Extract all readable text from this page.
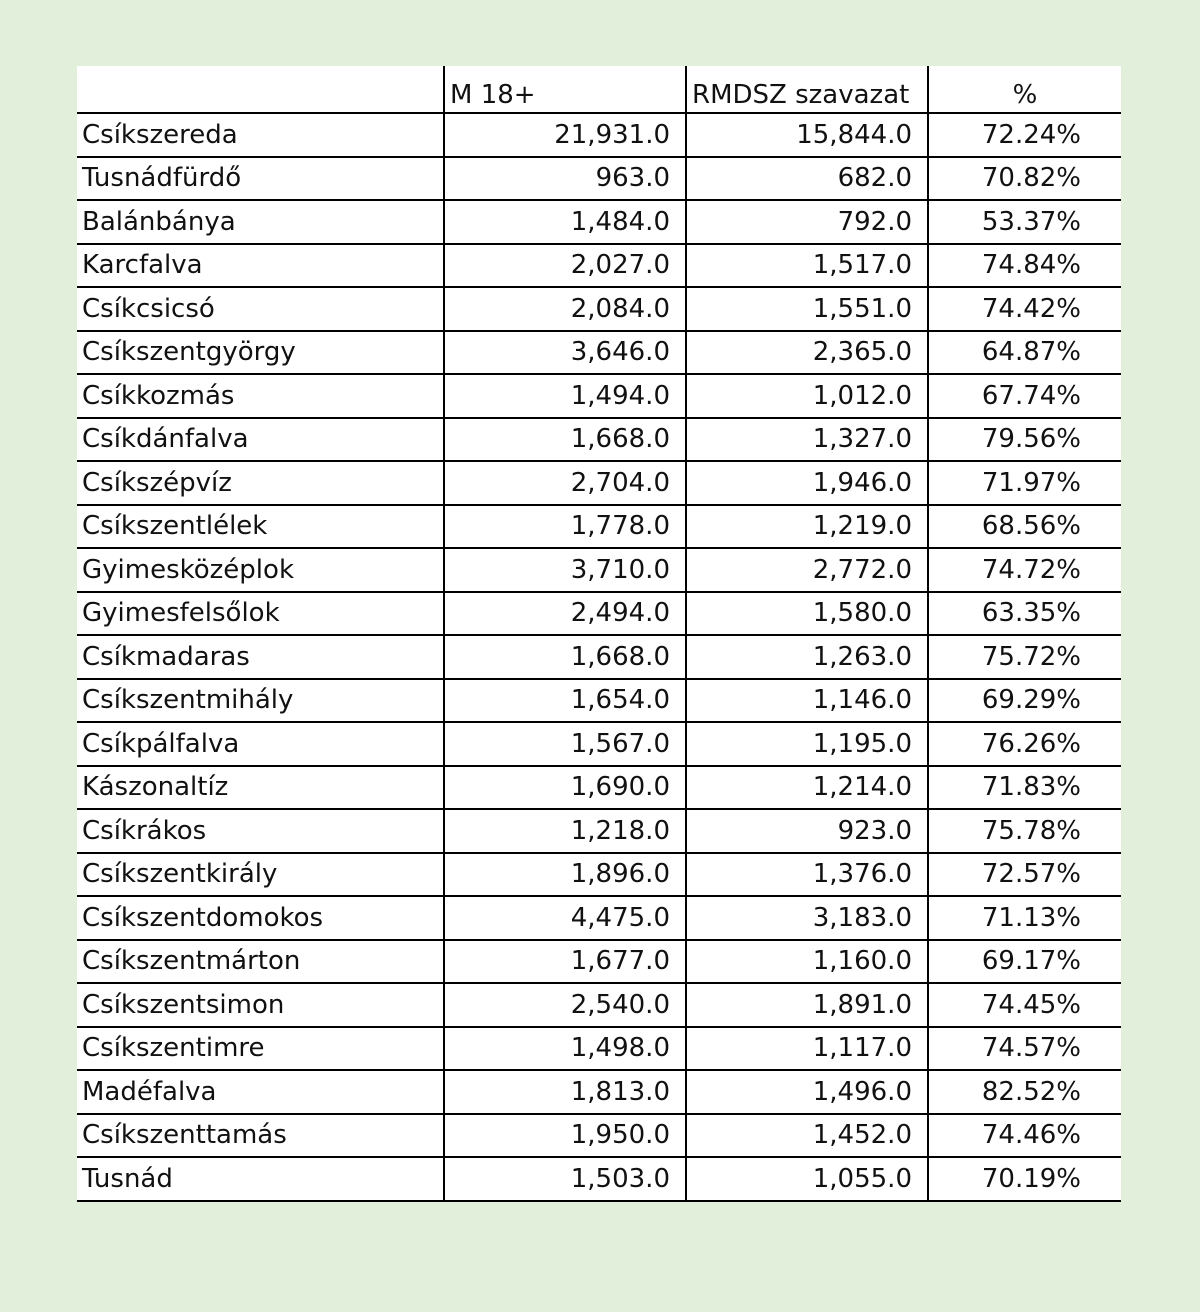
	M 18+	RMDSZ szavazat	%
Csíkszereda	21,931.0	15,844.0	72.24%
Tusnádfürdő	963.0	682.0	70.82%
Balánbánya	1,484.0	792.0	53.37%
Karcfalva	2,027.0	1,517.0	74.84%
Csíkcsicsó	2,084.0	1,551.0	74.42%
Csíkszentgyörgy	3,646.0	2,365.0	64.87%
Csíkkozmás	1,494.0	1,012.0	67.74%
Csíkdánfalva	1,668.0	1,327.0	79.56%
Csíkszépvíz	2,704.0	1,946.0	71.97%
Csíkszentlélek	1,778.0	1,219.0	68.56%
Gyimesközéplok	3,710.0	2,772.0	74.72%
Gyimesfelsőlok	2,494.0	1,580.0	63.35%
Csíkmadaras	1,668.0	1,263.0	75.72%
Csíkszentmihály	1,654.0	1,146.0	69.29%
Csíkpálfalva	1,567.0	1,195.0	76.26%
Kászonaltíz	1,690.0	1,214.0	71.83%
Csíkrákos	1,218.0	923.0	75.78%
Csíkszentkirály	1,896.0	1,376.0	72.57%
Csíkszentdomokos	4,475.0	3,183.0	71.13%
Csíkszentmárton	1,677.0	1,160.0	69.17%
Csíkszentsimon	2,540.0	1,891.0	74.45%
Csíkszentimre	1,498.0	1,117.0	74.57%
Madéfalva	1,813.0	1,496.0	82.52%
Csíkszenttamás	1,950.0	1,452.0	74.46%
Tusnád	1,503.0	1,055.0	70.19%
